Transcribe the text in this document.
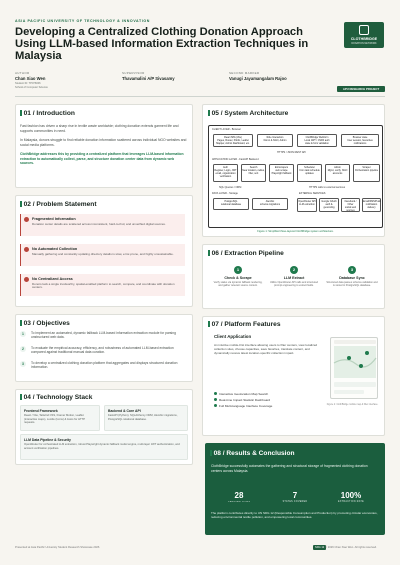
ASIA PACIFIC UNIVERSITY OF TECHNOLOGY & INNOVATION
Developing a Centralized Clothing Donation Approach Using LLM-based Information Extraction Techniques in Malaysia
CLOTHBRIDGE
DONATION NETWORK
AUTHOR
Chan Xiao Wen
Student ID: TP076006
School of Computer Science
SUPERVISOR
Thavamalini A/P Sivasamy
SECOND MARKER
Vanugi Jayamangalam Rajoo
APU RESEARCH PROJECT
01 / Introduction
Fast fashion has driven a sharp rise in textile waste worldwide; clothing donation extends garment life and supports communities in need.
In Malaysia, donors struggle to find reliable donation information scattered across individual NGO websites and social media platforms.
ClothBridge addresses this by providing a centralized platform that leverages LLM-based information extraction to automatically collect, parse, and structure donation center data from dynamic web sources.
02 / Problem Statement
Fragmented Information
Donation center details are scattered across inconsistent, hard-to-find, and unverified digital sources.
No Automated Collection
Manually gathering and constantly updating directory details is slow, error-prone, and highly unsustainable.
No Centralized Access
Donors lack a single trustworthy, spatial-enabled platform to search, compare, and coordinate with donation centers.
03 / Objectives
1	To implement an automated, dynamic fallback LLM-based information extraction module for parsing unstructured web data.
2	To evaluate the empirical accuracy, efficiency, and robustness of automated LLM-based extraction compared against traditional manual data curation.
3	To develop a centralized clothing donation platform that aggregates and displays structured donation information.
04 / Technology Stack
Frontend Framework
React / Vite, Tailwind CSS, Framer Motion, Leaflet (interactive maps), Lucide (Icons) & Axios for HTTP requests.
Backend & Core API
FastAPI (Python), SQLAlchemy ORM, Alembic migrations, PostgreSQL relational database.
LLM Data Pipeline & Security
OpenRouter for orchestrated LLM extraction, robust Playwright dynamic fallback model engine, multi-layer JWT authentication, and account verification pipelines.
05 / System Architecture
CLIENT LAYER - Browser
React SPA (Vite)
Pages, Router, Public, Leaflet
Mapper, Admin Dashboard, etc.
Role Interaction
Donor & NGO, Admin
ClothBridge Webform
Local JWT / CSRF auth
state & form validation
Browser state
User session, favourites
notifications
HTTPS / JSON REST API
APPLICATION LAYER - FastAPI Backend
Auth
Register, Login, JWT
email, organization
verification
Search
Near location, radius,
filter, sort
Ext/scrapers
web scrape
Playwright fallback
Scheduler
Cron task schedule
updates
Admin
Mgmt, verify, NGO
accounts
Scraper
Orchestration pipeline
SQL Queries / ORM	HTTPS calls to external services
DATA LAYER - Storage	EXTERNAL SERVICES
PostgreSQL
relational database
Alembic
schema migrations
OpenRouter API
LLM extraction
Google OAuth
auth & geocoding
Facebook / Other
social web sources
Email/SMS/Push
notification
delivery
Figure 1: Simplified three-layered ClothBridge system architecture.
06 / Extraction Pipeline
1
Check & Scrape
Verify status via dynamic fallback rendering, and gather relevant source content.
2
LLM Extract
Utilize OpenRouter API calls and structured prompt engineering to extract fields.
3
Database Sync
Structured data passes schema validation and is stored in PostgreSQL database.
07 / Platform Features
Client Application
An intuitive mobile-first interface allowing users to filter centers, view localized collection sites, choose capacities, save favorites, translate content, and dynamically receive latest location-specific collection impact.
Interactive Geolocation Map Search
Real-time Impact Statistic Dashboard
Full Multi-language Interface Coverage	Figure 2: ClothBridge mobile map & filter interface.
08 / Results & Conclusion
ClothBridge successfully automates the gathering and structural storage of fragmented clothing donation centers across Malaysia.
28
VERIFIED SITES
7
STATES COVERED
100%
EXTRACTION RATE
The platform contributes directly to UN SDG 12 (Responsible Consumption and Production) by promoting circular economies, reducing environmental textile pollution, and empowering local communities.
Presented at Asia Pacific University Student Research Showcase 2026	SDG 12 © 2026 Chan Xiao Wen. All rights reserved.
